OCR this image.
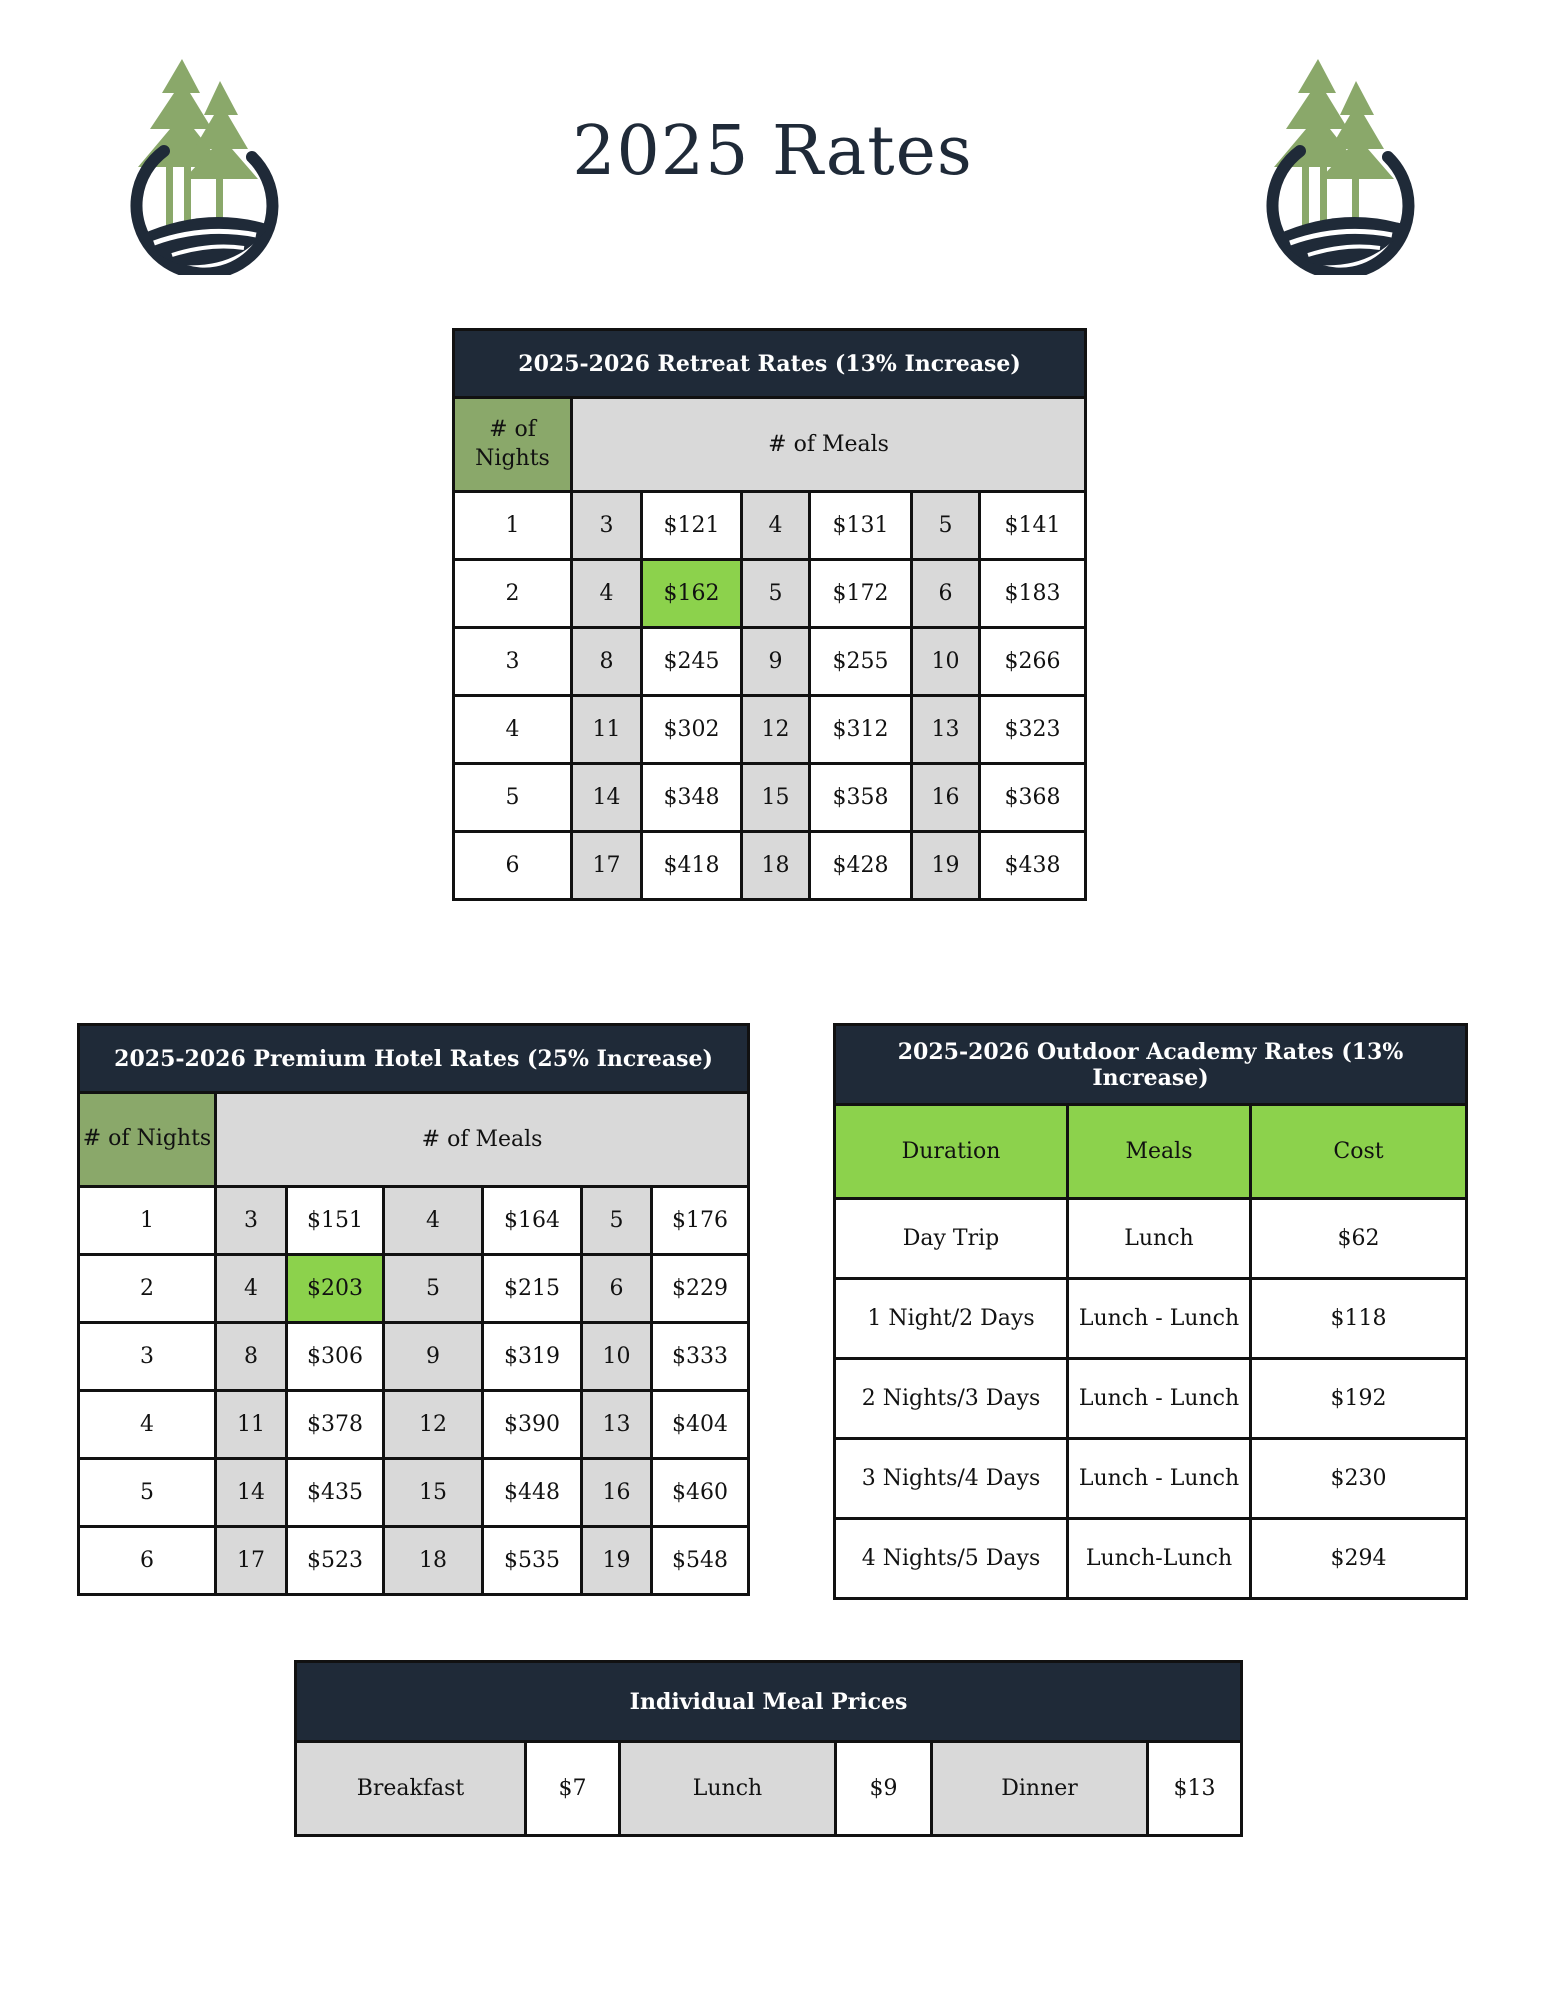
2025 Rates
2025-2026 Retreat Rates (13% Increase)						
# of Nights	# of Meals					
1	3	$121	4	$131	5	$141
2	4	$162	5	$172	6	$183
3	8	$245	9	$255	10	$266
4	11	$302	12	$312	13	$323
5	14	$348	15	$358	16	$368
6	17	$418	18	$428	19	$438
2025-2026 Premium Hotel Rates (25% Increase)						
# of Nights	# of Meals					
1	3	$151	4	$164	5	$176
2	4	$203	5	$215	6	$229
3	8	$306	9	$319	10	$333
4	11	$378	12	$390	13	$404
5	14	$435	15	$448	16	$460
6	17	$523	18	$535	19	$548
2025-2026 Outdoor Academy Rates (13% Increase)		
Duration	Meals	Cost
Day Trip	Lunch	$62
1 Night/2 Days	Lunch - Lunch	$118
2 Nights/3 Days	Lunch - Lunch	$192
3 Nights/4 Days	Lunch - Lunch	$230
4 Nights/5 Days	Lunch-Lunch	$294
Individual Meal Prices
Breakfast	$7	Lunch	$9	Dinner	$13
